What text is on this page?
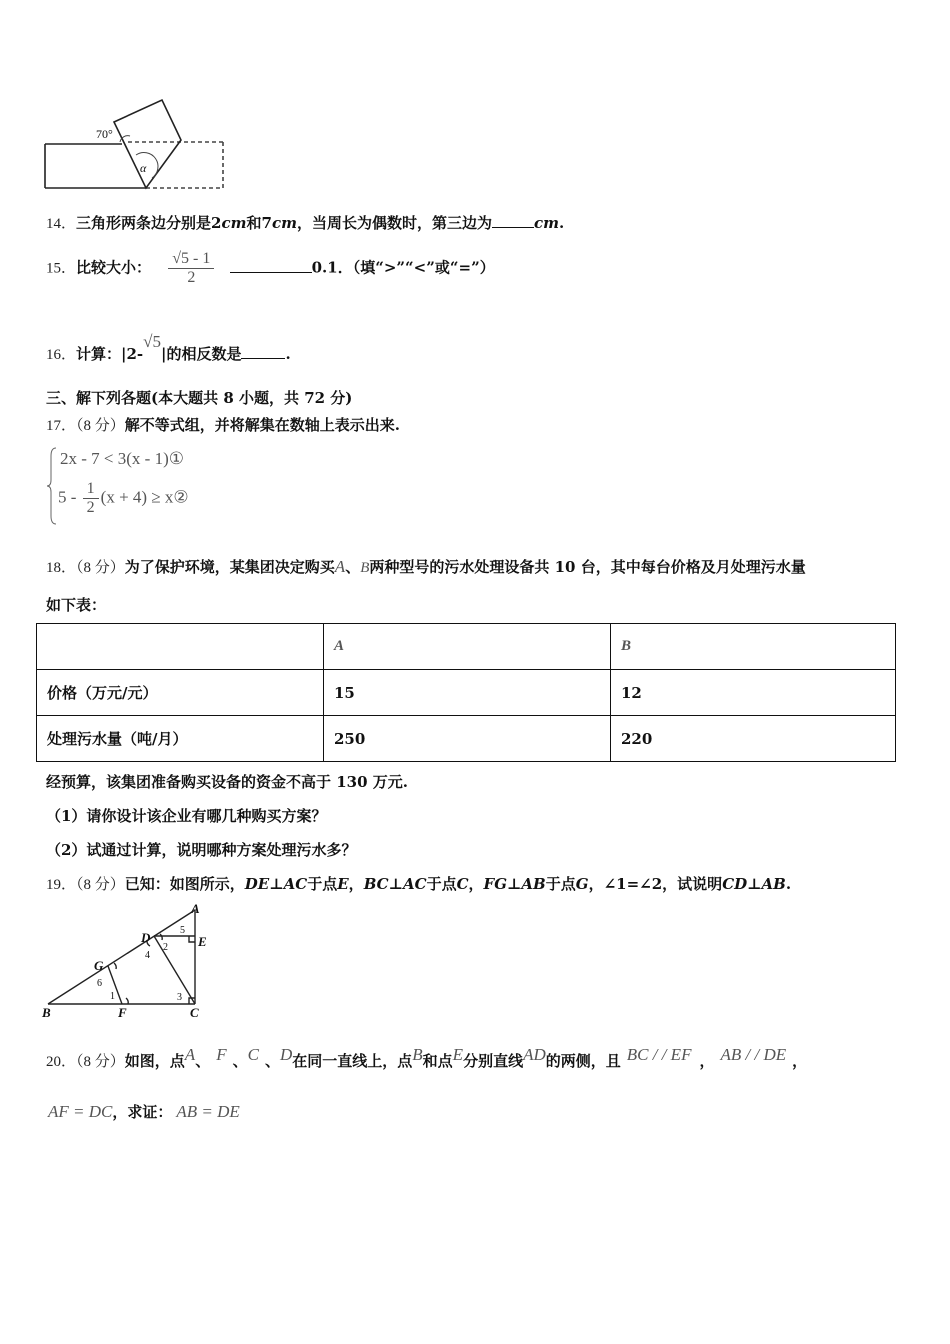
70°
α
14．三角形两条边分别是2cm和7cm，当周长为偶数时，第三边为	cm.
15．比较大小： $\frac{√5 - 1}{2}$	0.1．（填“>”“<”或“=”）
16．计算：|2-√5|的相反数是	.
三、解下列各题(本大题共 8 小题，共 72 分)
17．（8 分）解不等式组，并将解集在数轴上表示出来.
2x - 7 < 3(x - 1)①
$5 - \frac{1}{2} (x + 4)$ ≥ x②
18．（8 分）为了保护环境，某集团决定购买A、B两种型号的污水处理设备共 10 台，其中每台价格及月处理污水量
如下表：
	A	B
价格（万元/元）	15	12
处理污水量（吨/月）	250	220
经预算，该集团准备购买设备的资金不高于 130 万元.
（1）请你设计该企业有哪几种购买方案？
（2）试通过计算，说明哪种方案处理污水多？
19．（8 分）已知：如图所示，DE⊥AC于点E，BC⊥AC于点C，FG⊥AB于点G，∠1=∠2，试说明CD⊥AB.
A
B	C
D	E
F
G
1
2
3
4
5
6
20．（8 分）如图，点A、 F 、C 、D在同一直线上，点B和点E分别直线AD的两侧，且 BC / / EF ， AB / / DE ，
AF = DC，求证： AB = DE
